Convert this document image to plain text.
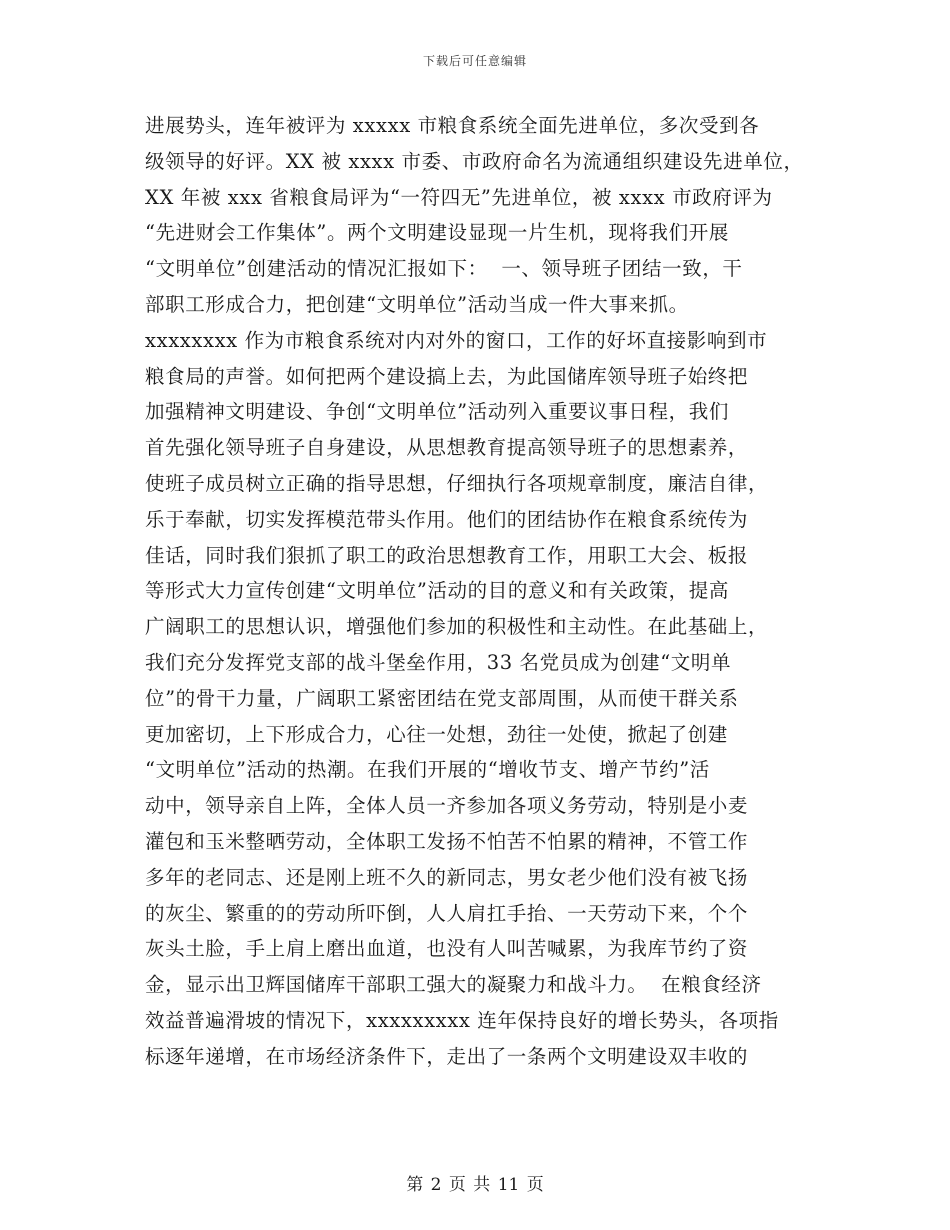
下载后可任意编辑
进展势头，连年被评为 xxxxx 市粮食系统全面先进单位，多次受到各
级领导的好评。XX 被 xxxx 市委、市政府命名为流通组织建设先进单位，
XX 年被 xxx 省粮食局评为“一符四无”先进单位，被 xxxx 市政府评为
“先进财会工作集体”。两个文明建设显现一片生机，现将我们开展
“文明单位”创建活动的情况汇报如下：  一、领导班子团结一致，干
部职工形成合力，把创建“文明单位”活动当成一件大事来抓。
xxxxxxxx 作为市粮食系统对内对外的窗口，工作的好坏直接影响到市
粮食局的声誉。如何把两个建设搞上去，为此国储库领导班子始终把
加强精神文明建设、争创“文明单位”活动列入重要议事日程，我们
首先强化领导班子自身建设，从思想教育提高领导班子的思想素养，
使班子成员树立正确的指导思想，仔细执行各项规章制度，廉洁自律，
乐于奉献，切实发挥模范带头作用。他们的团结协作在粮食系统传为
佳话，同时我们狠抓了职工的政治思想教育工作，用职工大会、板报
等形式大力宣传创建“文明单位”活动的目的意义和有关政策，提高
广阔职工的思想认识，增强他们参加的积极性和主动性。在此基础上，
我们充分发挥党支部的战斗堡垒作用，33 名党员成为创建“文明单
位”的骨干力量，广阔职工紧密团结在党支部周围，从而使干群关系
更加密切，上下形成合力，心往一处想，劲往一处使，掀起了创建
“文明单位”活动的热潮。在我们开展的“增收节支、增产节约”活
动中，领导亲自上阵，全体人员一齐参加各项义务劳动，特别是小麦
灌包和玉米整晒劳动，全体职工发扬不怕苦不怕累的精神，不管工作
多年的老同志、还是刚上班不久的新同志，男女老少他们没有被飞扬
的灰尘、繁重的的劳动所吓倒，人人肩扛手抬、一天劳动下来，个个
灰头土脸，手上肩上磨出血道，也没有人叫苦喊累，为我库节约了资
金，显示出卫辉国储库干部职工强大的凝聚力和战斗力。  在粮食经济
效益普遍滑坡的情况下，xxxxxxxxx 连年保持良好的增长势头，各项指
标逐年递增，在市场经济条件下，走出了一条两个文明建设双丰收的
第 2 页 共 11 页
